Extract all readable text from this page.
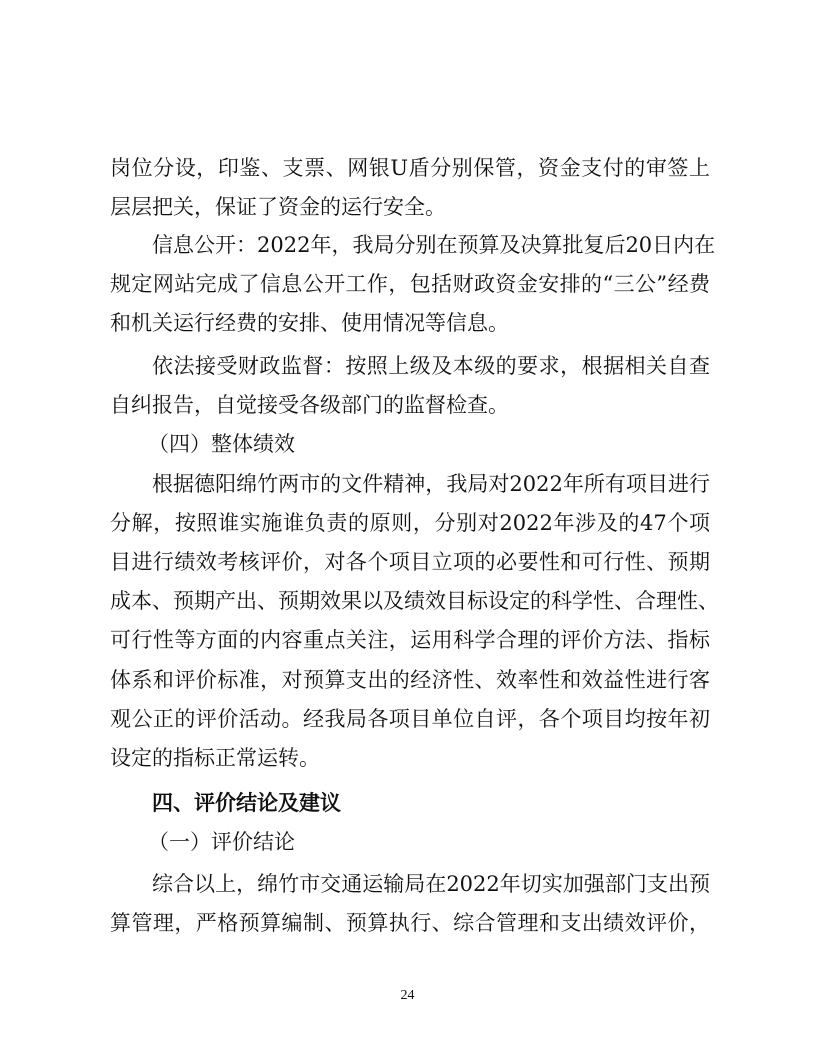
岗位分设，印鉴、支票、网银U盾分别保管，资金支付的审签上
层层把关，保证了资金的运行安全。
信息公开：2022年，我局分别在预算及决算批复后20日内在
规定网站完成了信息公开工作，包括财政资金安排的“三公”经费
和机关运行经费的安排、使用情况等信息。
依法接受财政监督：按照上级及本级的要求，根据相关自查
自纠报告，自觉接受各级部门的监督检查。
（四）整体绩效
根据德阳绵竹两市的文件精神，我局对2022年所有项目进行
分解，按照谁实施谁负责的原则，分别对2022年涉及的47个项
目进行绩效考核评价，对各个项目立项的必要性和可行性、预期
成本、预期产出、预期效果以及绩效目标设定的科学性、合理性、
可行性等方面的内容重点关注，运用科学合理的评价方法、指标
体系和评价标准，对预算支出的经济性、效率性和效益性进行客
观公正的评价活动。经我局各项目单位自评，各个项目均按年初
设定的指标正常运转。
四、评价结论及建议
（一）评价结论
综合以上，绵竹市交通运输局在2022年切实加强部门支出预
算管理，严格预算编制、预算执行、综合管理和支出绩效评价，
24
